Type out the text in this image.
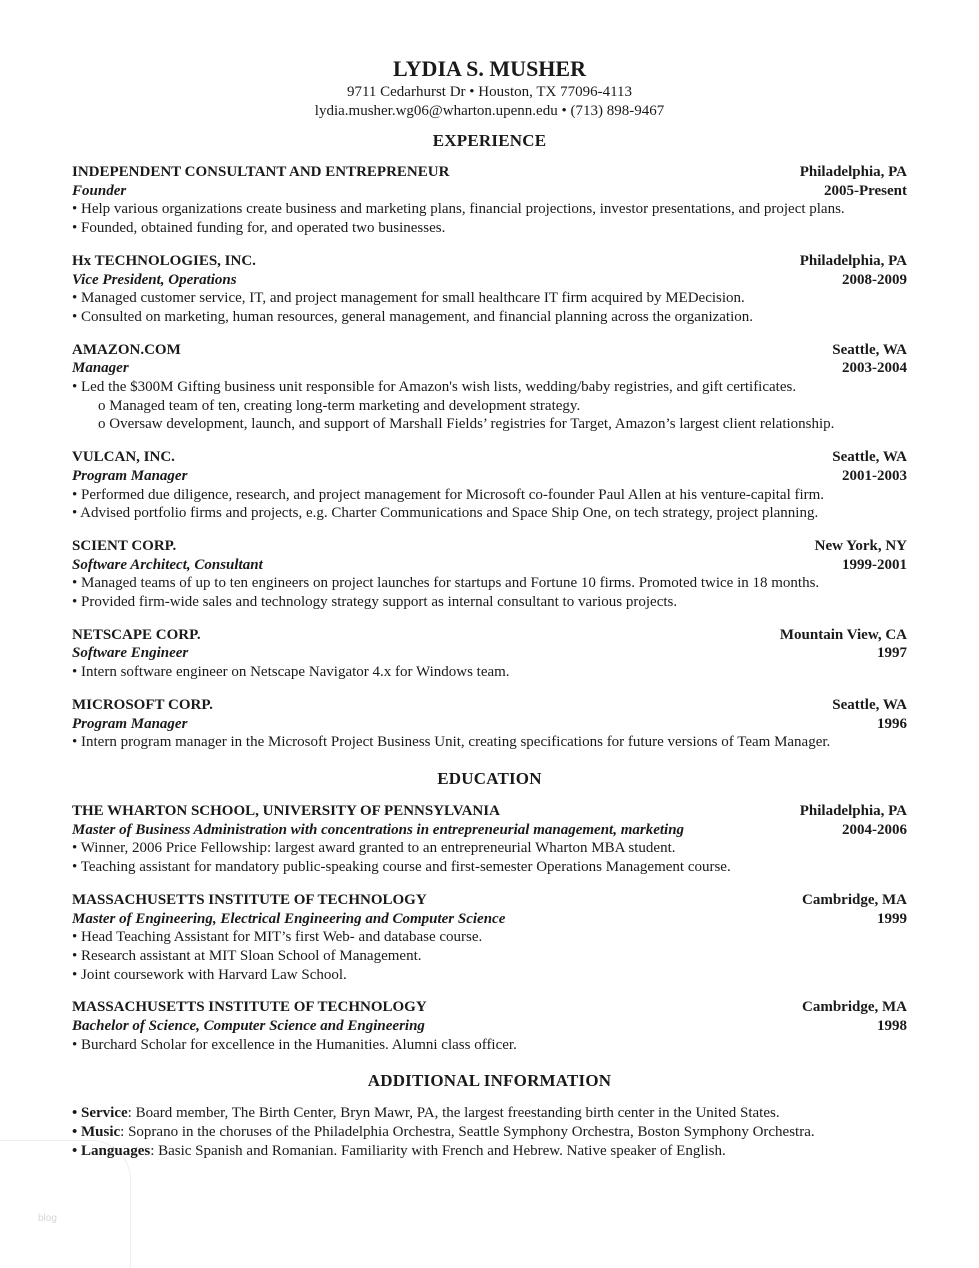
blog
LYDIA S. MUSHER
9711 Cedarhurst Dr • Houston, TX 77096-4113
lydia.musher.wg06@wharton.upenn.edu • (713) 898-9467
EXPERIENCE
INDEPENDENT CONSULTANT AND ENTREPRENEUR	Philadelphia, PA
Founder	2005-Present
• Help various organizations create business and marketing plans, financial projections, investor presentations, and project plans.
• Founded, obtained funding for, and operated two businesses.
Hx TECHNOLOGIES, INC.	Philadelphia, PA
Vice President, Operations	2008-2009
• Managed customer service, IT, and project management for small healthcare IT firm acquired by MEDecision.
• Consulted on marketing, human resources, general management, and financial planning across the organization.
AMAZON.COM	Seattle, WA
Manager	2003-2004
• Led the $300M Gifting business unit responsible for Amazon's wish lists, wedding/baby registries, and gift certificates.
o Managed team of ten, creating long-term marketing and development strategy.
o Oversaw development, launch, and support of Marshall Fields’ registries for Target, Amazon’s largest client relationship.
VULCAN, INC.	Seattle, WA
Program Manager	2001-2003
• Performed due diligence, research, and project management for Microsoft co-founder Paul Allen at his venture-capital firm.
• Advised portfolio firms and projects, e.g. Charter Communications and Space Ship One, on tech strategy, project planning.
SCIENT CORP.	New York, NY
Software Architect, Consultant	1999-2001
• Managed teams of up to ten engineers on project launches for startups and Fortune 10 firms. Promoted twice in 18 months.
• Provided firm-wide sales and technology strategy support as internal consultant to various projects.
NETSCAPE CORP.	Mountain View, CA
Software Engineer	1997
• Intern software engineer on Netscape Navigator 4.x for Windows team.
MICROSOFT CORP.	Seattle, WA
Program Manager	1996
• Intern program manager in the Microsoft Project Business Unit, creating specifications for future versions of Team Manager.
EDUCATION
THE WHARTON SCHOOL, UNIVERSITY OF PENNSYLVANIA	Philadelphia, PA
Master of Business Administration with concentrations in entrepreneurial management, marketing	2004-2006
• Winner, 2006 Price Fellowship: largest award granted to an entrepreneurial Wharton MBA student.
• Teaching assistant for mandatory public-speaking course and first-semester Operations Management course.
MASSACHUSETTS INSTITUTE OF TECHNOLOGY	Cambridge, MA
Master of Engineering, Electrical Engineering and Computer Science	1999
• Head Teaching Assistant for MIT’s first Web- and database course.
• Research assistant at MIT Sloan School of Management.
• Joint coursework with Harvard Law School.
MASSACHUSETTS INSTITUTE OF TECHNOLOGY	Cambridge, MA
Bachelor of Science, Computer Science and Engineering	1998
• Burchard Scholar for excellence in the Humanities. Alumni class officer.
ADDITIONAL INFORMATION
• Service: Board member, The Birth Center, Bryn Mawr, PA, the largest freestanding birth center in the United States.
• Music: Soprano in the choruses of the Philadelphia Orchestra, Seattle Symphony Orchestra, Boston Symphony Orchestra.
• Languages: Basic Spanish and Romanian. Familiarity with French and Hebrew. Native speaker of English.
